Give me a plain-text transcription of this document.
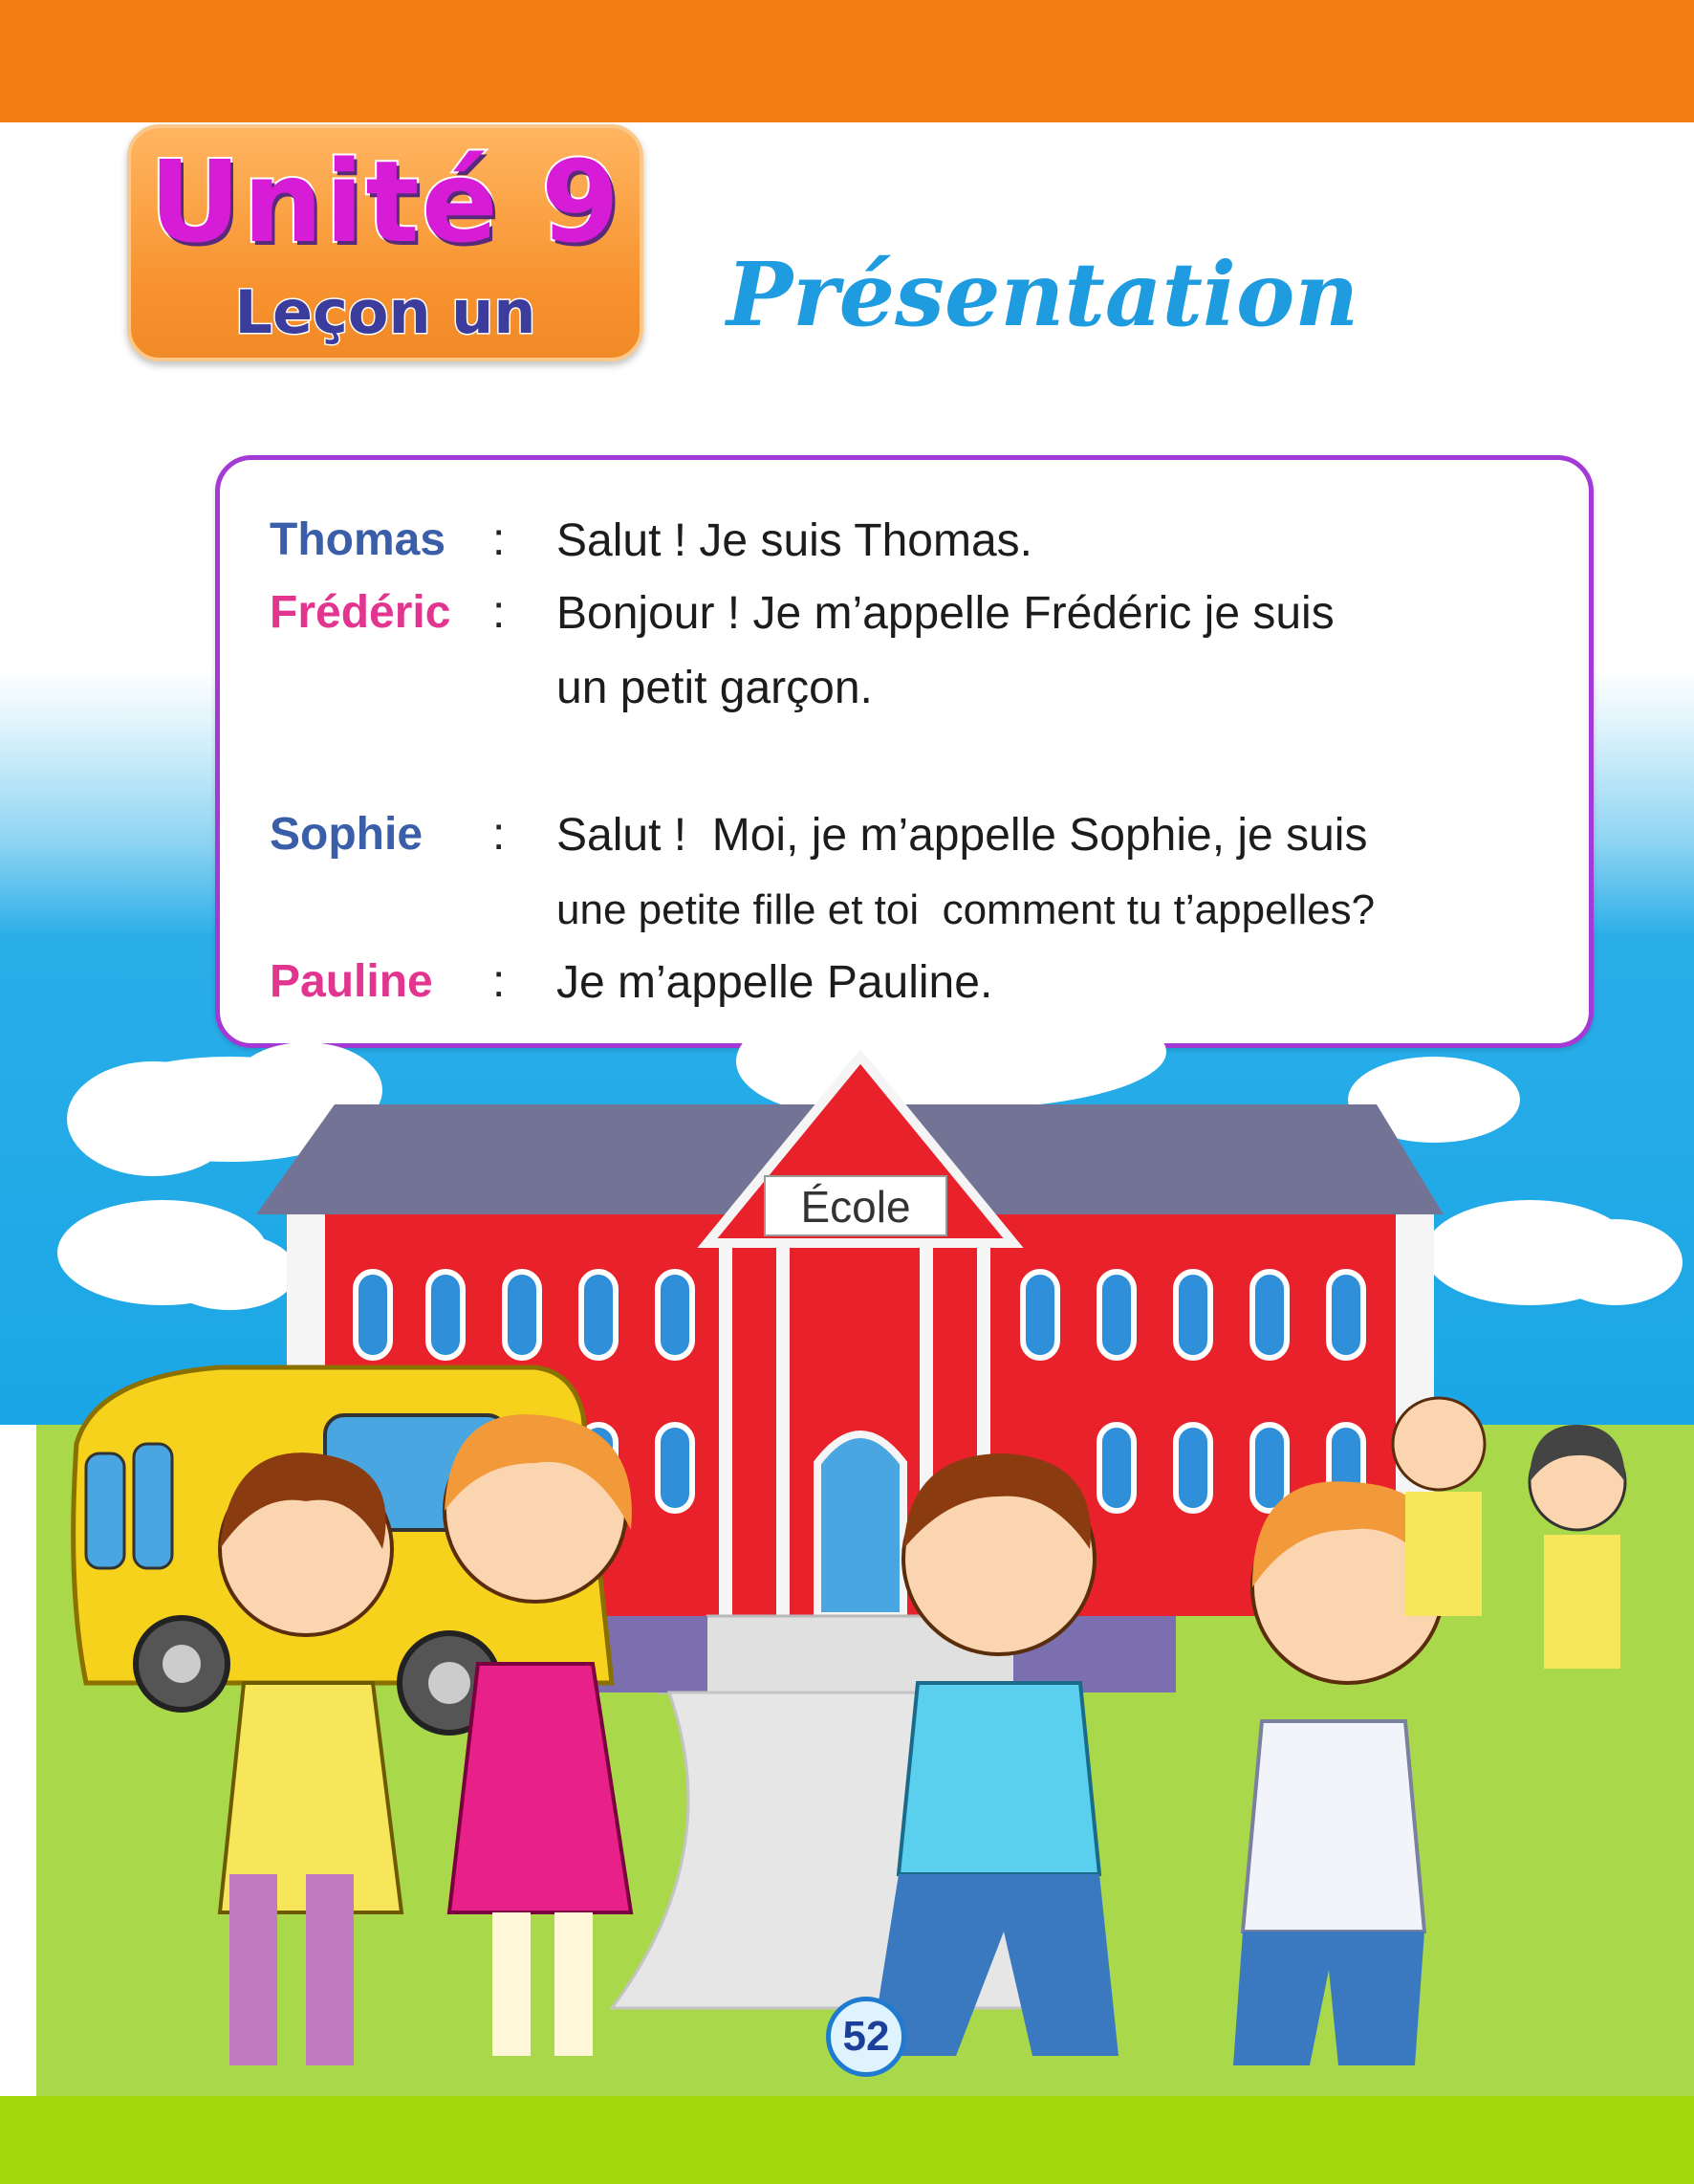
Unité 9
Leçon un	Présentation
Thomas : Salut ! Je suis Thomas.
Frédéric : Bonjour ! Je m’appelle Frédéric je suis
un petit garçon.
Sophie : Salut !  Moi, je m’appelle Sophie, je suis
une petite fille et toi  comment tu t’appelles?
Pauline : Je m’appelle Pauline.
École
52
